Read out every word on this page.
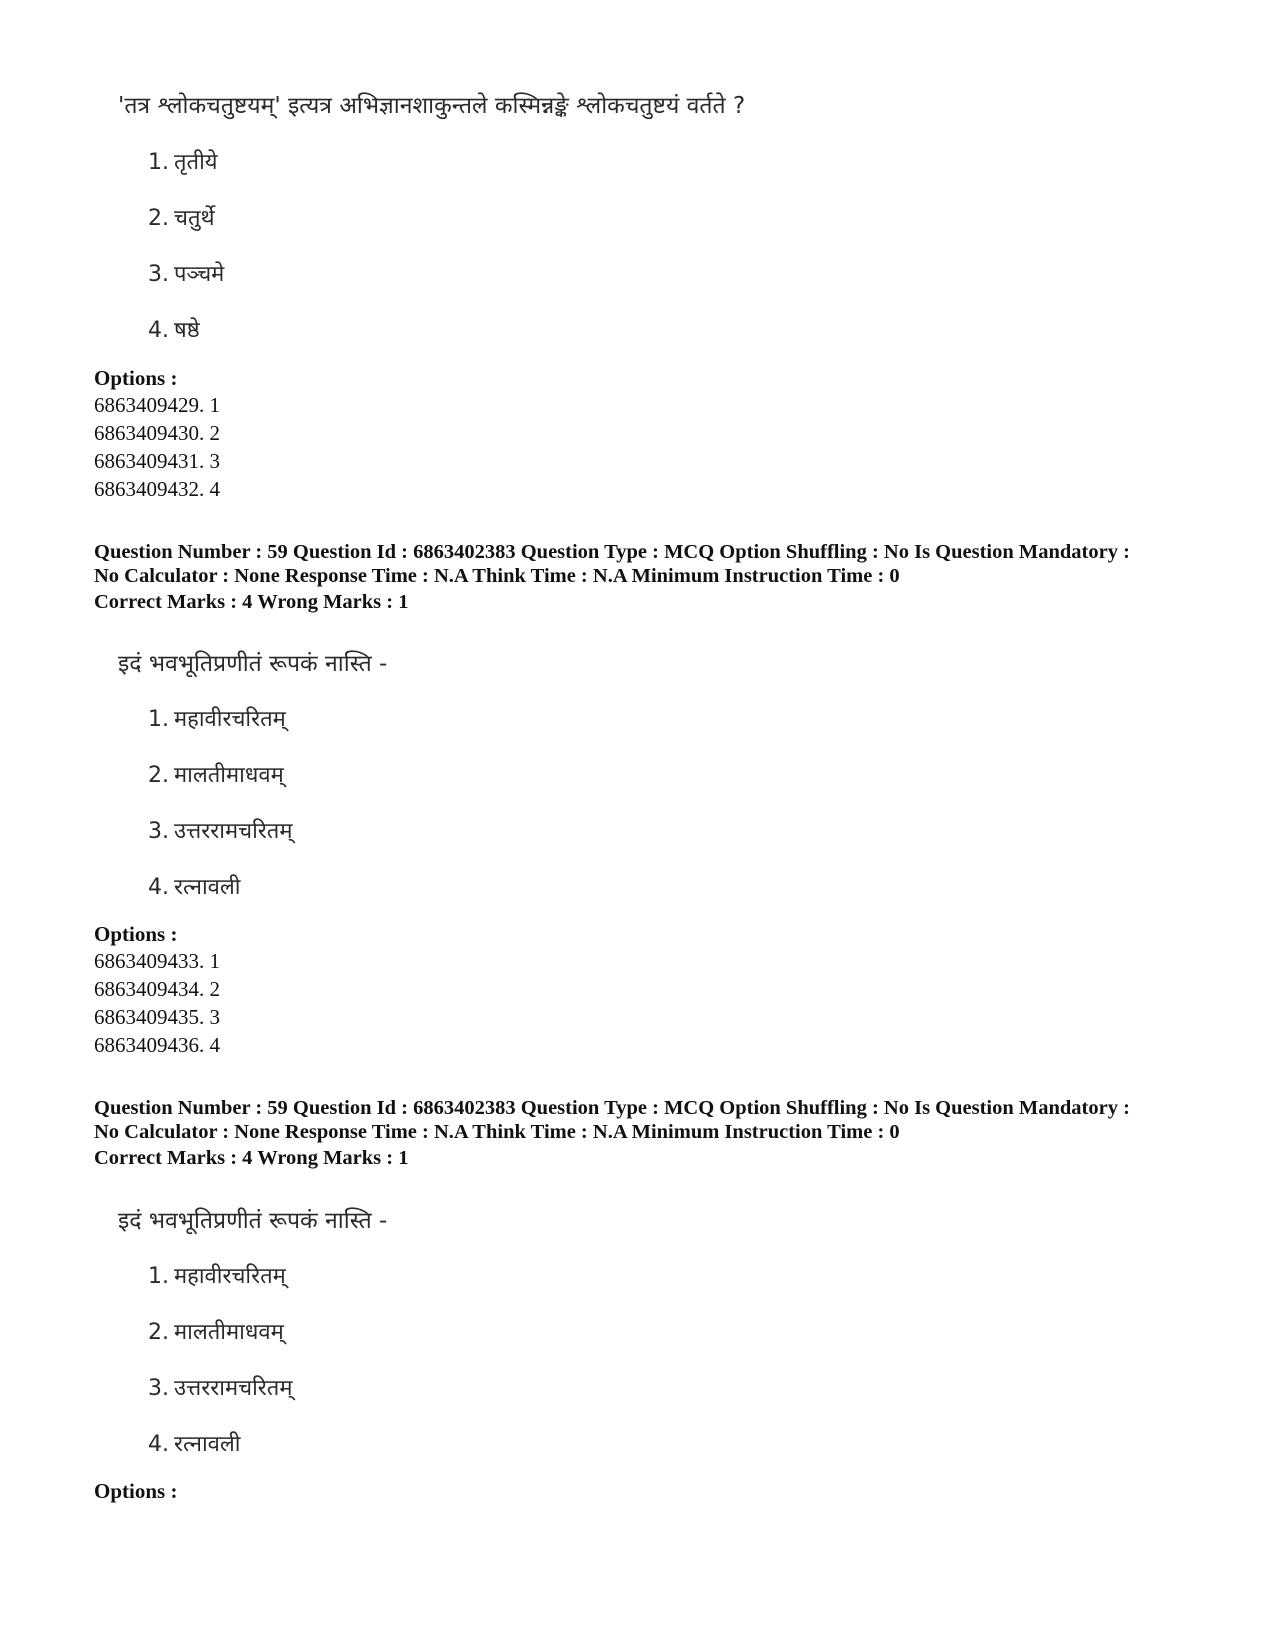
'तत्र श्लोकचतुष्टयम्' इत्यत्र अभिज्ञानशाकुन्तले कस्मिन्नङ्के श्लोकचतुष्टयं वर्तते ?
1. तृतीये
2. चतुर्थे
3. पञ्चमे
4. षष्ठे
Options :
6863409429. 1
6863409430. 2
6863409431. 3
6863409432. 4
Question Number : 59 Question Id : 6863402383 Question Type : MCQ Option Shuffling : No Is Question Mandatory :
No Calculator : None Response Time : N.A Think Time : N.A Minimum Instruction Time : 0
Correct Marks : 4 Wrong Marks : 1
इदं भवभूतिप्रणीतं रूपकं नास्ति -
1. महावीरचरितम्
2. मालतीमाधवम्
3. उत्तररामचरितम्
4. रत्नावली
Options :
6863409433. 1
6863409434. 2
6863409435. 3
6863409436. 4
Question Number : 59 Question Id : 6863402383 Question Type : MCQ Option Shuffling : No Is Question Mandatory :
No Calculator : None Response Time : N.A Think Time : N.A Minimum Instruction Time : 0
Correct Marks : 4 Wrong Marks : 1
इदं भवभूतिप्रणीतं रूपकं नास्ति -
1. महावीरचरितम्
2. मालतीमाधवम्
3. उत्तररामचरितम्
4. रत्नावली
Options :
